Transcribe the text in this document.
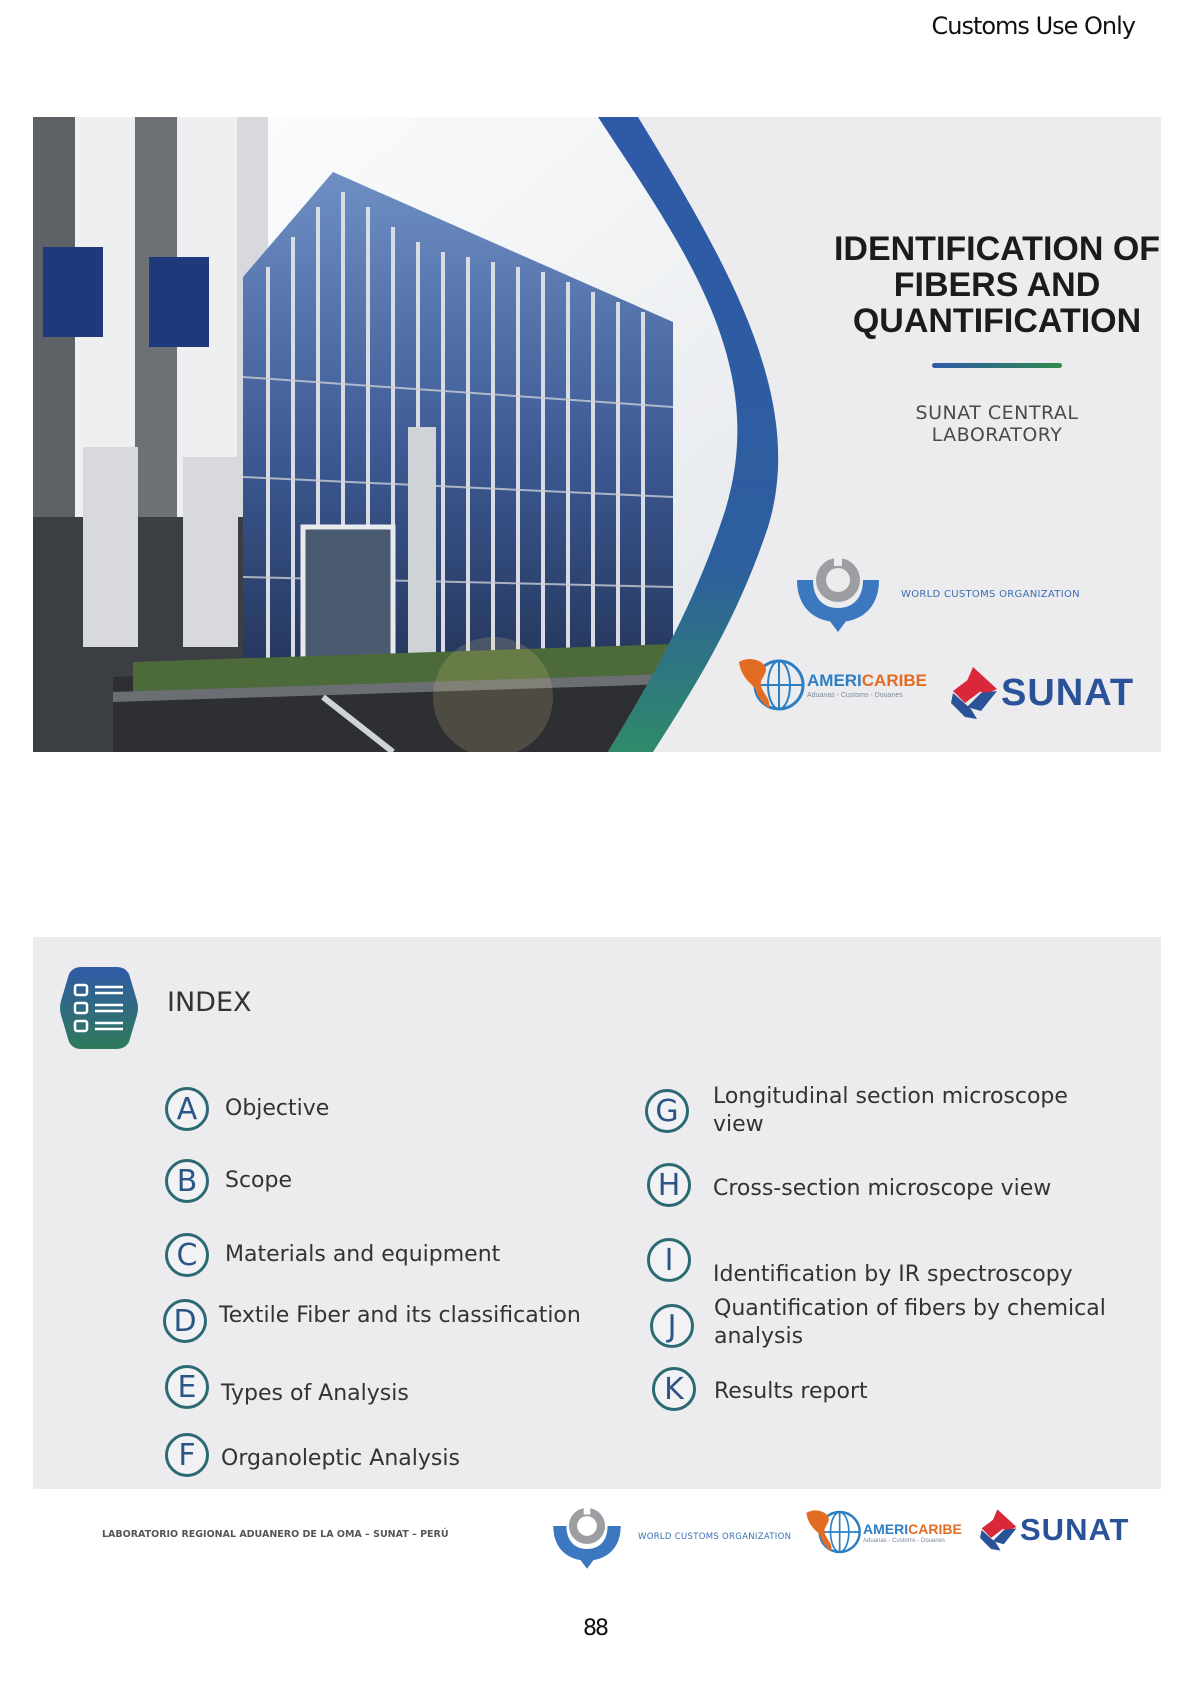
Customs Use Only
IDENTIFICATION OF
FIBERS AND
QUANTIFICATION
SUNAT CENTRAL
LABORATORY
WORLD CUSTOMS ORGANIZATION
AMERICARIBE
Aduanas - Customs - Douanes	SUNAT
INDEX
A	Objective
B	Scope
C	Materials and equipment
D	Textile Fiber and its classification
E	Types of Analysis
F	Organoleptic Analysis
G	Longitudinal section microscope
view
H	Cross-section microscope view
I	Identification by IR spectroscopy
J	Quantification of fibers by chemical
analysis
K	Results report
LABORATORIO REGIONAL ADUANERO DE LA OMA – SUNAT – PERÚ	WORLD CUSTOMS ORGANIZATION
AMERICARIBE
Aduanas - Customs - Douanes	SUNAT
88
